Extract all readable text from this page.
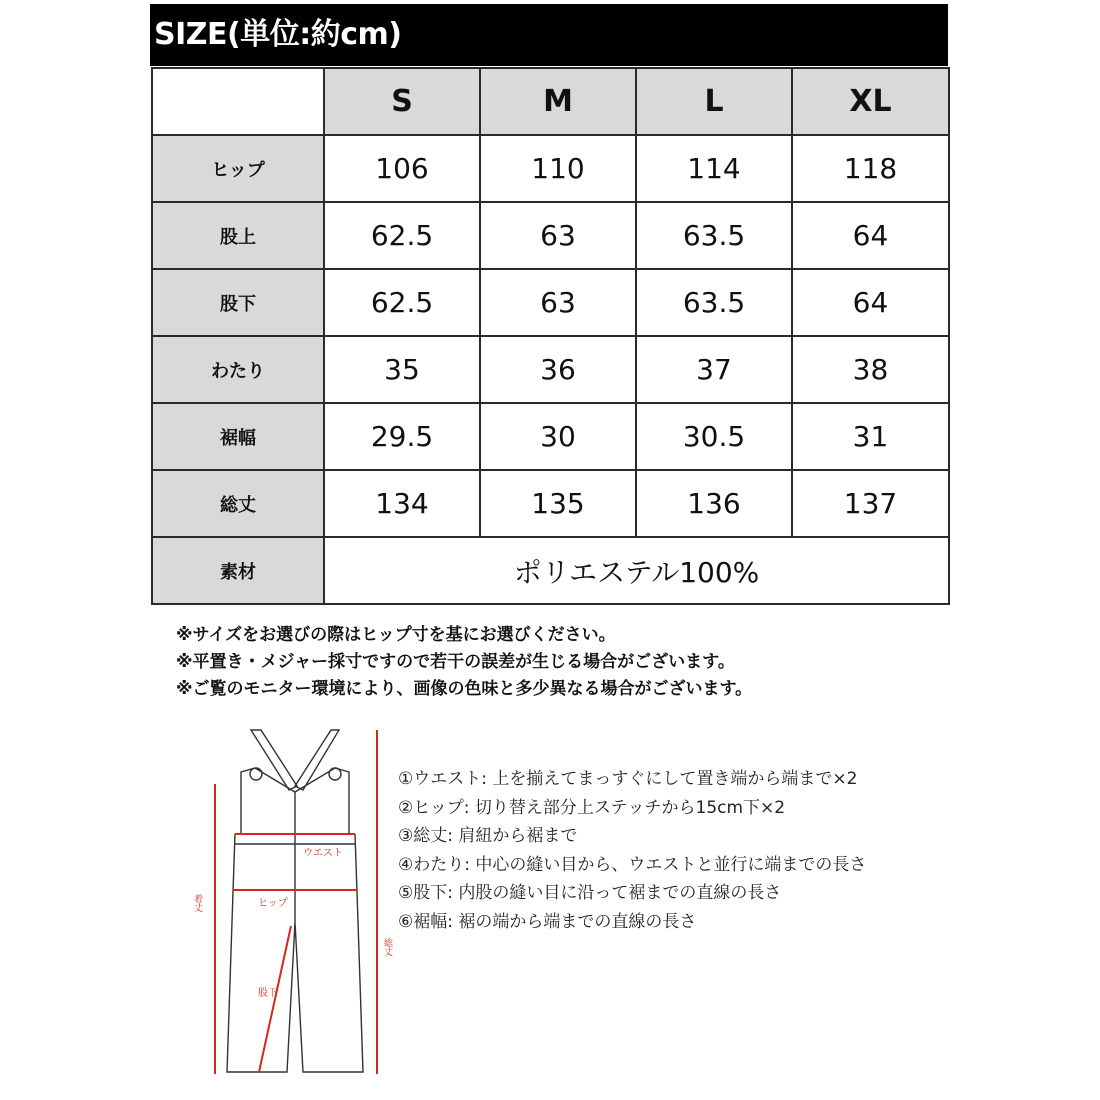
SIZE(単位:約cm)
	S	M	L	XL
ヒップ	106	110	114	118
股上	62.5	63	63.5	64
股下	62.5	63	63.5	64
わたり	35	36	37	38
裾幅	29.5	30	30.5	31
総丈	134	135	136	137
素材	ポリエステル100%			
※サイズをお選びの際はヒップ寸を基にお選びください。
※平置き・メジャー採寸ですので若干の誤差が生じる場合がございます。
※ご覧のモニター環境により、画像の色味と多少異なる場合がございます。
ウエスト
ヒップ
股下
着丈
総丈
①ウエスト: 上を揃えてまっすぐにして置き端から端まで×2
②ヒップ: 切り替え部分上ステッチから15cm下×2
③総丈: 肩紐から裾まで
④わたり: 中心の縫い目から、ウエストと並行に端までの長さ
⑤股下: 内股の縫い目に沿って裾までの直線の長さ
⑥裾幅: 裾の端から端までの直線の長さ
